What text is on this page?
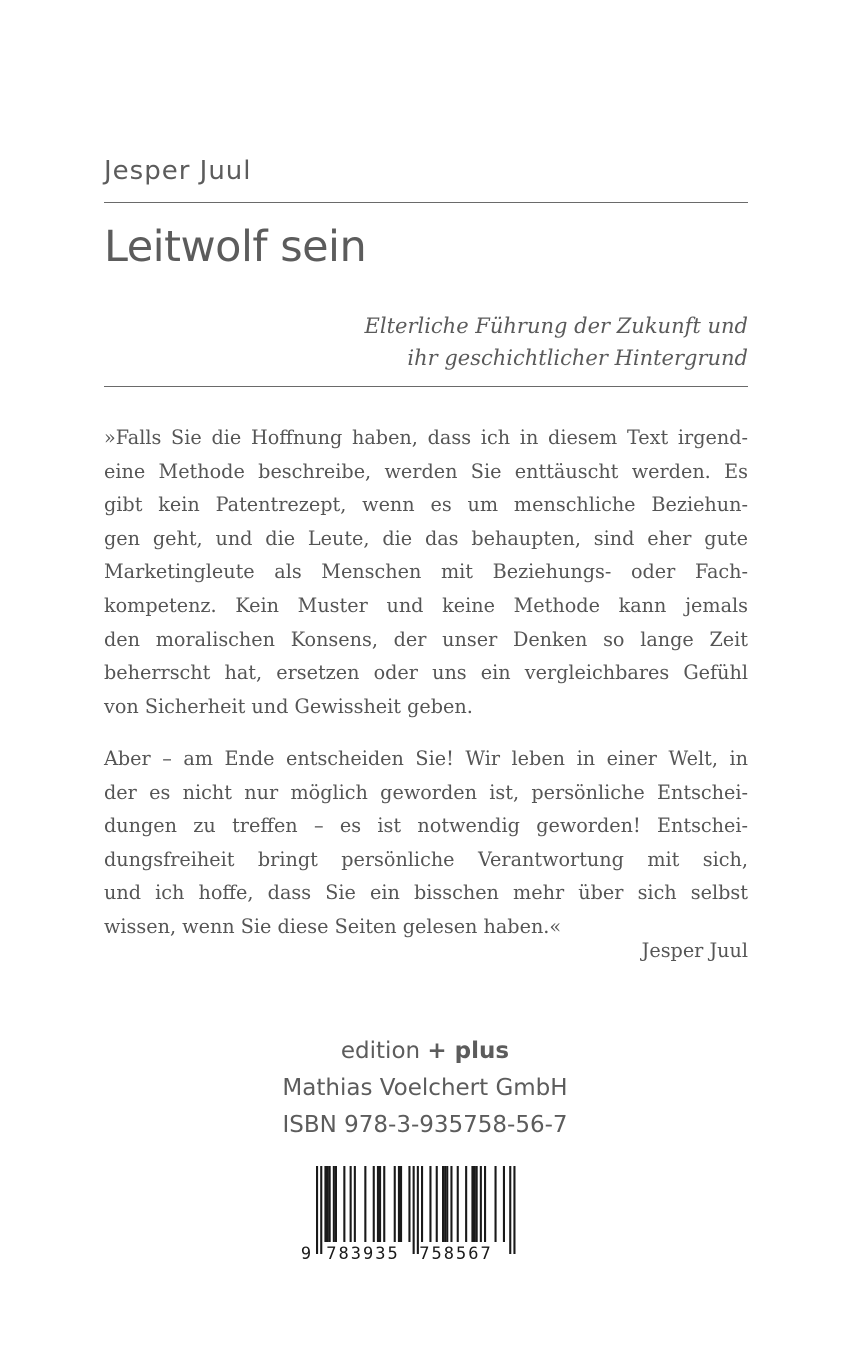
Jesper Juul
Leitwolf sein
Elterliche Führung der Zukunft und
ihr geschichtlicher Hintergrund
»Falls Sie die Hoffnung haben, dass ich in diesem Text irgend-
eine Methode beschreibe, werden Sie enttäuscht werden. Es
gibt kein Patentrezept, wenn es um menschliche Beziehun-
gen geht, und die Leute, die das behaupten, sind eher gute
Marketingleute als Menschen mit Beziehungs- oder Fach-
kompetenz. Kein Muster und keine Methode kann jemals
den moralischen Konsens, der unser Denken so lange Zeit
beherrscht hat, ersetzen oder uns ein vergleichbares Gefühl
von Sicherheit und Gewissheit geben.
Aber – am Ende entscheiden Sie! Wir leben in einer Welt, in
der es nicht nur möglich geworden ist, persönliche Entschei-
dungen zu treffen – es ist notwendig geworden! Entschei-
dungsfreiheit bringt persönliche Verantwortung mit sich,
und ich hoffe, dass Sie ein bisschen mehr über sich selbst
wissen, wenn Sie diese Seiten gelesen haben.«
Jesper Juul
edition + plus
Mathias Voelchert GmbH
ISBN 978-3-935758-56-7
9 783935 758567
